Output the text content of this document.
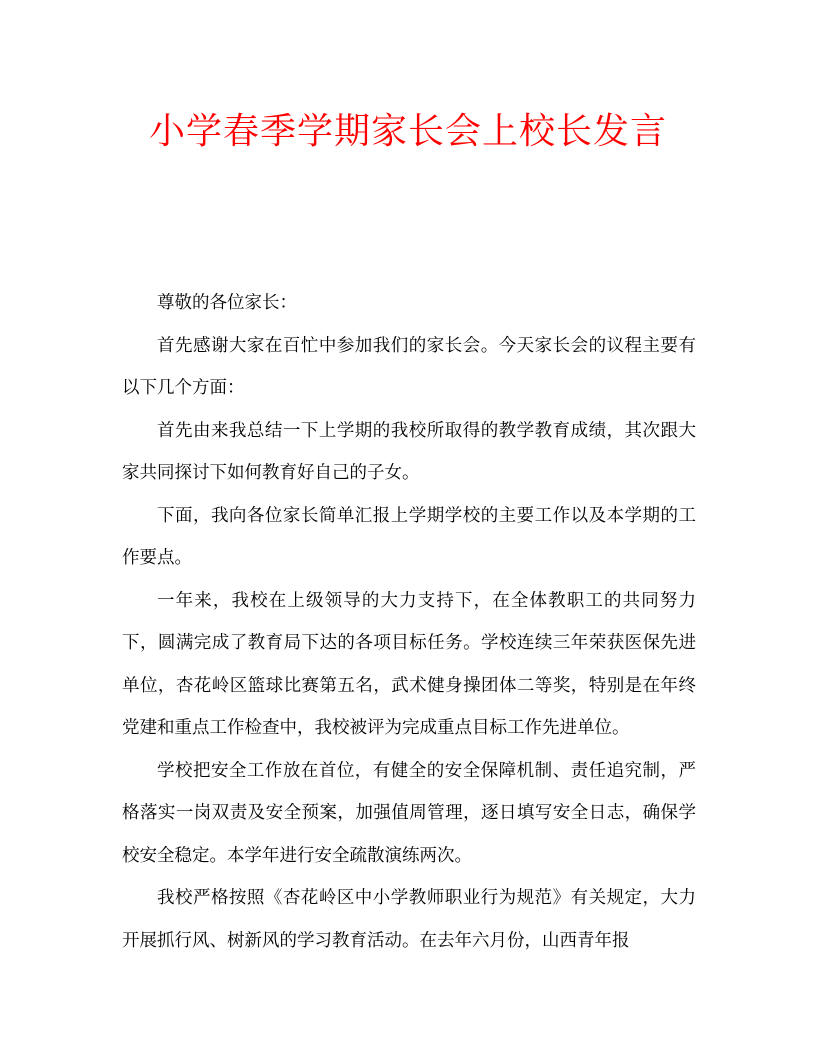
小学春季学期家长会上校长发言

尊敬的各位家长：

首先感谢大家在百忙中参加我们的家长会。今天家长会的议程主要有以下几个方面：

首先由来我总结一下上学期的我校所取得的教学教育成绩，其次跟大家共同探讨下如何教育好自己的子女。

下面，我向各位家长简单汇报上学期学校的主要工作以及本学期的工作要点。

一年来，我校在上级领导的大力支持下，在全体教职工的共同努力下，圆满完成了教育局下达的各项目标任务。学校连续三年荣获医保先进单位，杏花岭区篮球比赛第五名，武术健身操团体二等奖，特别是在年终党建和重点工作检查中，我校被评为完成重点目标工作先进单位。

学校把安全工作放在首位，有健全的安全保障机制、责任追究制，严格落实一岗双责及安全预案，加强值周管理，逐日填写安全日志，确保学校安全稳定。本学年进行安全疏散演练两次。

我校严格按照《杏花岭区中小学教师职业行为规范》有关规定，大力开展抓行风、树新风的学习教育活动。在去年六月份，山西青年报
